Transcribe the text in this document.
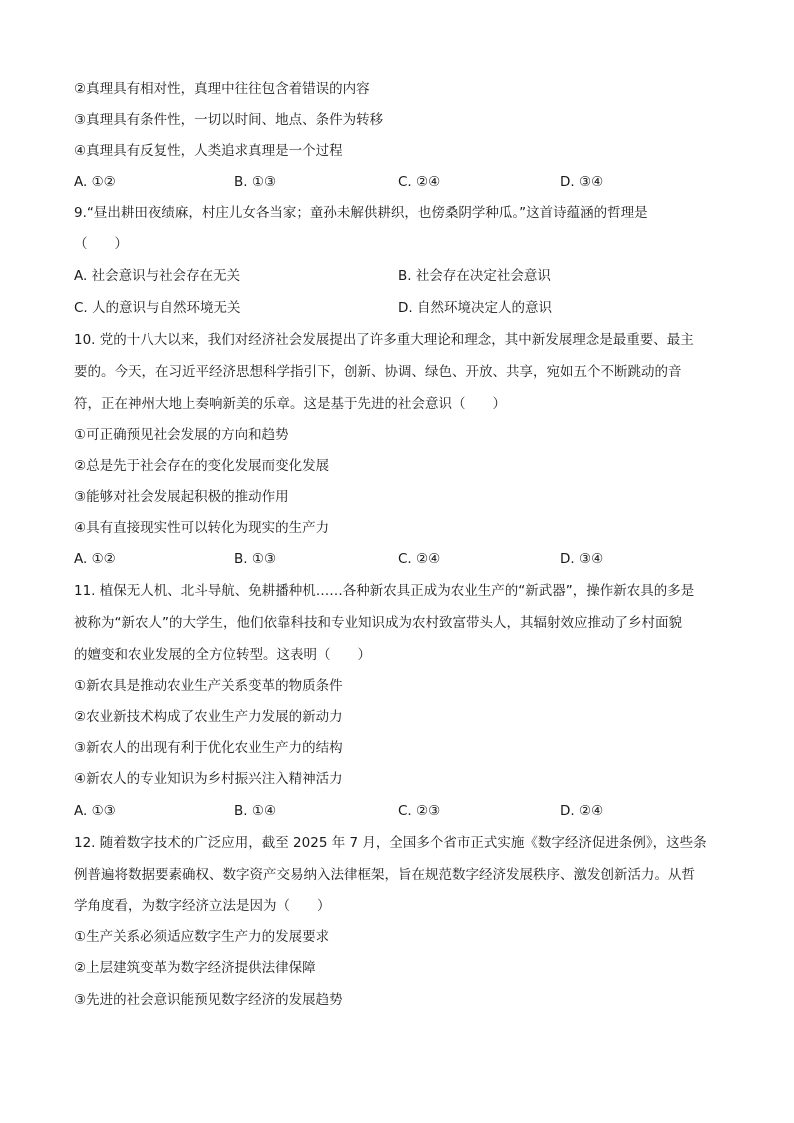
②真理具有相对性，真理中往往包含着错误的内容
③真理具有条件性，一切以时间、地点、条件为转移
④真理具有反复性，人类追求真理是一个过程
A. ①②	B. ①③	C. ②④	D. ③④
9.“昼出耕田夜绩麻，村庄儿女各当家；童孙未解供耕织，也傍桑阴学种瓜。”这首诗蕴涵的哲理是
（　　）
A. 社会意识与社会存在无关	B. 社会存在决定社会意识
C. 人的意识与自然环境无关	D. 自然环境决定人的意识
10. 党的十八大以来，我们对经济社会发展提出了许多重大理论和理念，其中新发展理念是最重要、最主
要的。今天，在习近平经济思想科学指引下，创新、协调、绿色、开放、共享，宛如五个不断跳动的音
符，正在神州大地上奏响新美的乐章。这是基于先进的社会意识（　　）
①可正确预见社会发展的方向和趋势
②总是先于社会存在的变化发展而变化发展
③能够对社会发展起积极的推动作用
④具有直接现实性可以转化为现实的生产力
A. ①②	B. ①③	C. ②④	D. ③④
11. 植保无人机、北斗导航、免耕播种机……各种新农具正成为农业生产的“新武器”，操作新农具的多是
被称为“新农人”的大学生，他们依靠科技和专业知识成为农村致富带头人，其辐射效应推动了乡村面貌
的嬗变和农业发展的全方位转型。这表明（　　）
①新农具是推动农业生产关系变革的物质条件
②农业新技术构成了农业生产力发展的新动力
③新农人的出现有利于优化农业生产力的结构
④新农人的专业知识为乡村振兴注入精神活力
A. ①③	B. ①④	C. ②③	D. ②④
12. 随着数字技术的广泛应用，截至 2025 年 7 月，全国多个省市正式实施《数字经济促进条例》，这些条
例普遍将数据要素确权、数字资产交易纳入法律框架，旨在规范数字经济发展秩序、激发创新活力。从哲
学角度看，为数字经济立法是因为（　　）
①生产关系必须适应数字生产力的发展要求
②上层建筑变革为数字经济提供法律保障
③先进的社会意识能预见数字经济的发展趋势
